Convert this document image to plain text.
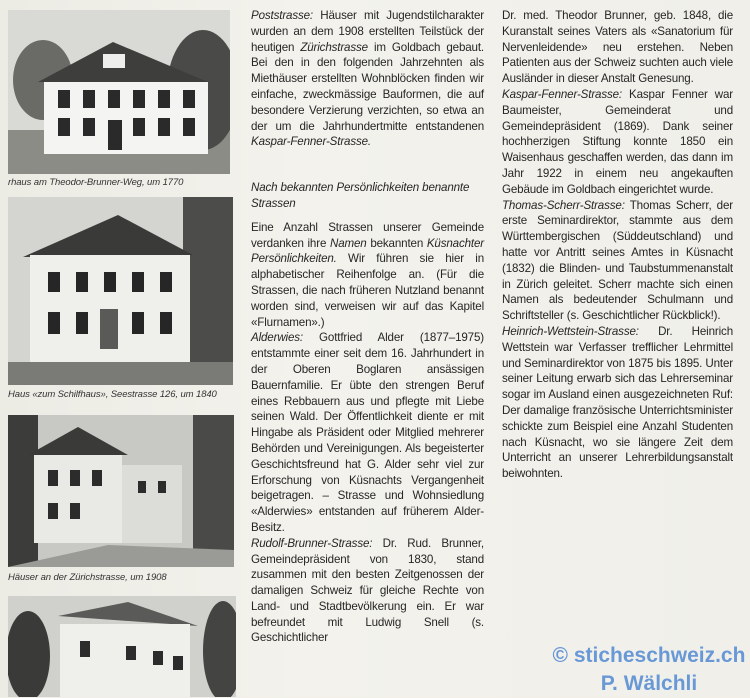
rhaus am Theodor-Brunner-Weg, um 1770
Haus «zum Schilfhaus», Seestrasse 126, um 1840
Häuser an der Zürichstrasse, um 1908

Poststrasse: Häuser mit Jugendstilcharakter wurden an dem 1908 erstellten Teilstück der heutigen Zürichstrasse im Goldbach gebaut. Bei den in den folgenden Jahrzehnten als Miethäuser erstellten Wohnblöcken finden wir einfache, zweckmässige Bauformen, die auf besondere Verzierung verzichten, so etwa an der um die Jahrhundertmitte entstandenen Kaspar-Fenner-Strasse.

Nach bekannten Persönlichkeiten benannte Strassen

Eine Anzahl Strassen unserer Gemeinde verdanken ihre Namen bekannten Küsnachter Persönlichkeiten. Wir führen sie hier in alphabetischer Reihenfolge an. (Für die Strassen, die nach früheren Nutzland benannt worden sind, verweisen wir auf das Kapitel «Flurnamen».)

Alderwies: Gottfried Alder (1877–1975) entstammte einer seit dem 16. Jahrhundert in der Oberen Boglaren ansässigen Bauernfamilie. Er übte den strengen Beruf eines Rebbauern aus und pflegte mit Liebe seinen Wald. Der Öffentlichkeit diente er mit Hingabe als Präsident oder Mitglied mehrerer Behörden und Vereinigungen. Als begeisterter Geschichtsfreund hat G. Alder sehr viel zur Erforschung von Küsnachts Vergangenheit beigetragen. – Strasse und Wohnsiedlung «Alderwies» entstanden auf früherem Alder-Besitz.

Rudolf-Brunner-Strasse: Dr. Rud. Brunner, Gemeindepräsident von 1830, stand zusammen mit den besten Zeitgenossen der damaligen Schweiz für gleiche Rechte von Land- und Stadtbevölkerung ein. Er war befreundet mit Ludwig Snell (s. Geschichtlicher

Dr. med. Theodor Brunner, geb. 1848, die Kuranstalt seines Vaters als «Sanatorium für Nervenleidende» neu erstehen. Neben Patienten aus der Schweiz suchten auch viele Ausländer in dieser Anstalt Genesung.

Kaspar-Fenner-Strasse: Kaspar Fenner war Baumeister, Gemeinderat und Gemeindepräsident (1869). Dank seiner hochherzigen Stiftung konnte 1850 ein Waisenhaus geschaffen werden, das dann im Jahr 1922 in einem neu angekauften Gebäude im Goldbach eingerichtet wurde.

Thomas-Scherr-Strasse: Thomas Scherr, der erste Seminardirektor, stammte aus dem Württembergischen (Süddeutschland) und hatte vor Antritt seines Amtes in Küsnacht (1832) die Blinden- und Taubstummenanstalt in Zürich geleitet. Scherr machte sich einen Namen als bedeutender Schulmann und Schriftsteller (s. Geschichtlicher Rückblick!).

Heinrich-Wettstein-Strasse: Dr. Heinrich Wettstein war Verfasser trefflicher Lehrmittel und Seminardirektor von 1875 bis 1895. Unter seiner Leitung erwarb sich das Lehrerseminar sogar im Ausland einen ausgezeichneten Ruf: Der damalige französische Unterrichtsminister schickte zum Beispiel eine Anzahl Studenten nach Küsnacht, wo sie längere Zeit dem Unterricht an unserer Lehrerbildungsanstalt beiwohnten.

© sticheschweiz.ch
P. Wälchli
